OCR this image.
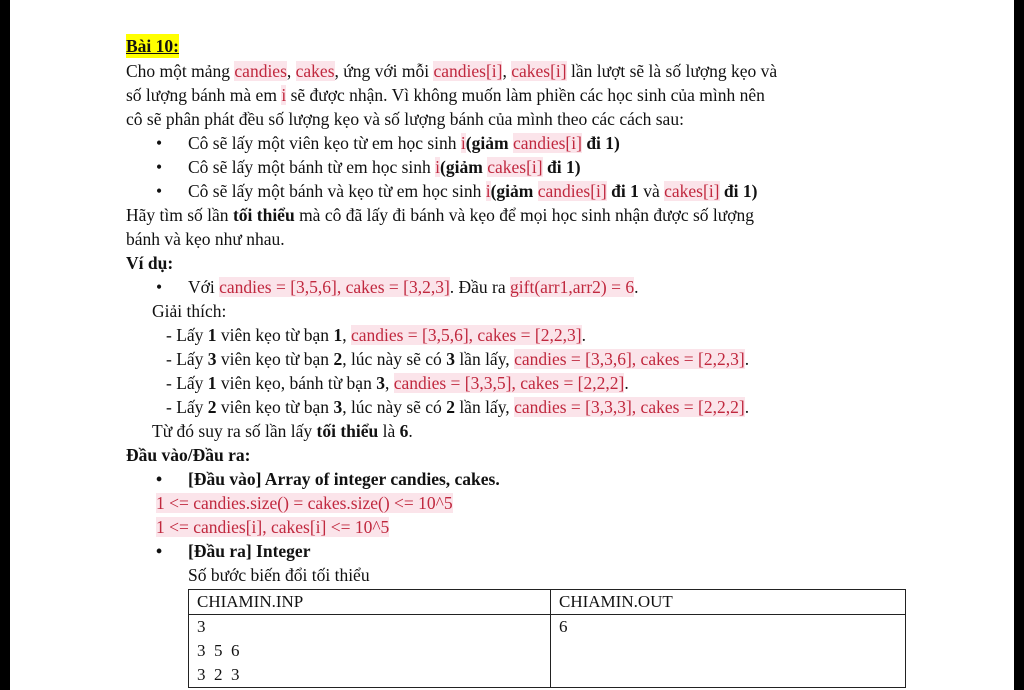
Bài 10:

Cho một mảng candies, cakes, ứng với mỗi candies[i], cakes[i] lần lượt sẽ là số lượng kẹo và
số lượng bánh mà em i sẽ được nhận. Vì không muốn làm phiền các học sinh của mình nên
cô sẽ phân phát đều số lượng kẹo và số lượng bánh của mình theo các cách sau:

• Cô sẽ lấy một viên kẹo từ em học sinh i(giảm candies[i] đi 1)
• Cô sẽ lấy một bánh từ em học sinh i(giảm cakes[i] đi 1)
• Cô sẽ lấy một bánh và kẹo từ em học sinh i(giảm candies[i] đi 1 và cakes[i] đi 1)

Hãy tìm số lần tối thiểu mà cô đã lấy đi bánh và kẹo để mọi học sinh nhận được số lượng
bánh và kẹo như nhau.

Ví dụ:

• Với candies = [3,5,6], cakes = [3,2,3]. Đầu ra gift(arr1,arr2) = 6.

Giải thích:

- Lấy 1 viên kẹo từ bạn 1, candies = [3,5,6], cakes = [2,2,3].

- Lấy 3 viên kẹo từ bạn 2, lúc này sẽ có 3 lần lấy, candies = [3,3,6], cakes = [2,2,3].

- Lấy 1 viên kẹo, bánh từ bạn 3, candies = [3,3,5], cakes = [2,2,2].

- Lấy 2 viên kẹo từ bạn 3, lúc này sẽ có 2 lần lấy, candies = [3,3,3], cakes = [2,2,2].

Từ đó suy ra số lần lấy tối thiểu là 6.

Đầu vào/Đầu ra:

• [Đầu vào] Array of integer candies, cakes.

1 <= candies.size() = cakes.size() <= 10^5

1 <= candies[i], cakes[i] <= 10^5

• [Đầu ra] Integer

Số bước biến đổi tối thiểu

CHIAMIN.INP	CHIAMIN.OUT

3
3  5  6
3  2  3	6
